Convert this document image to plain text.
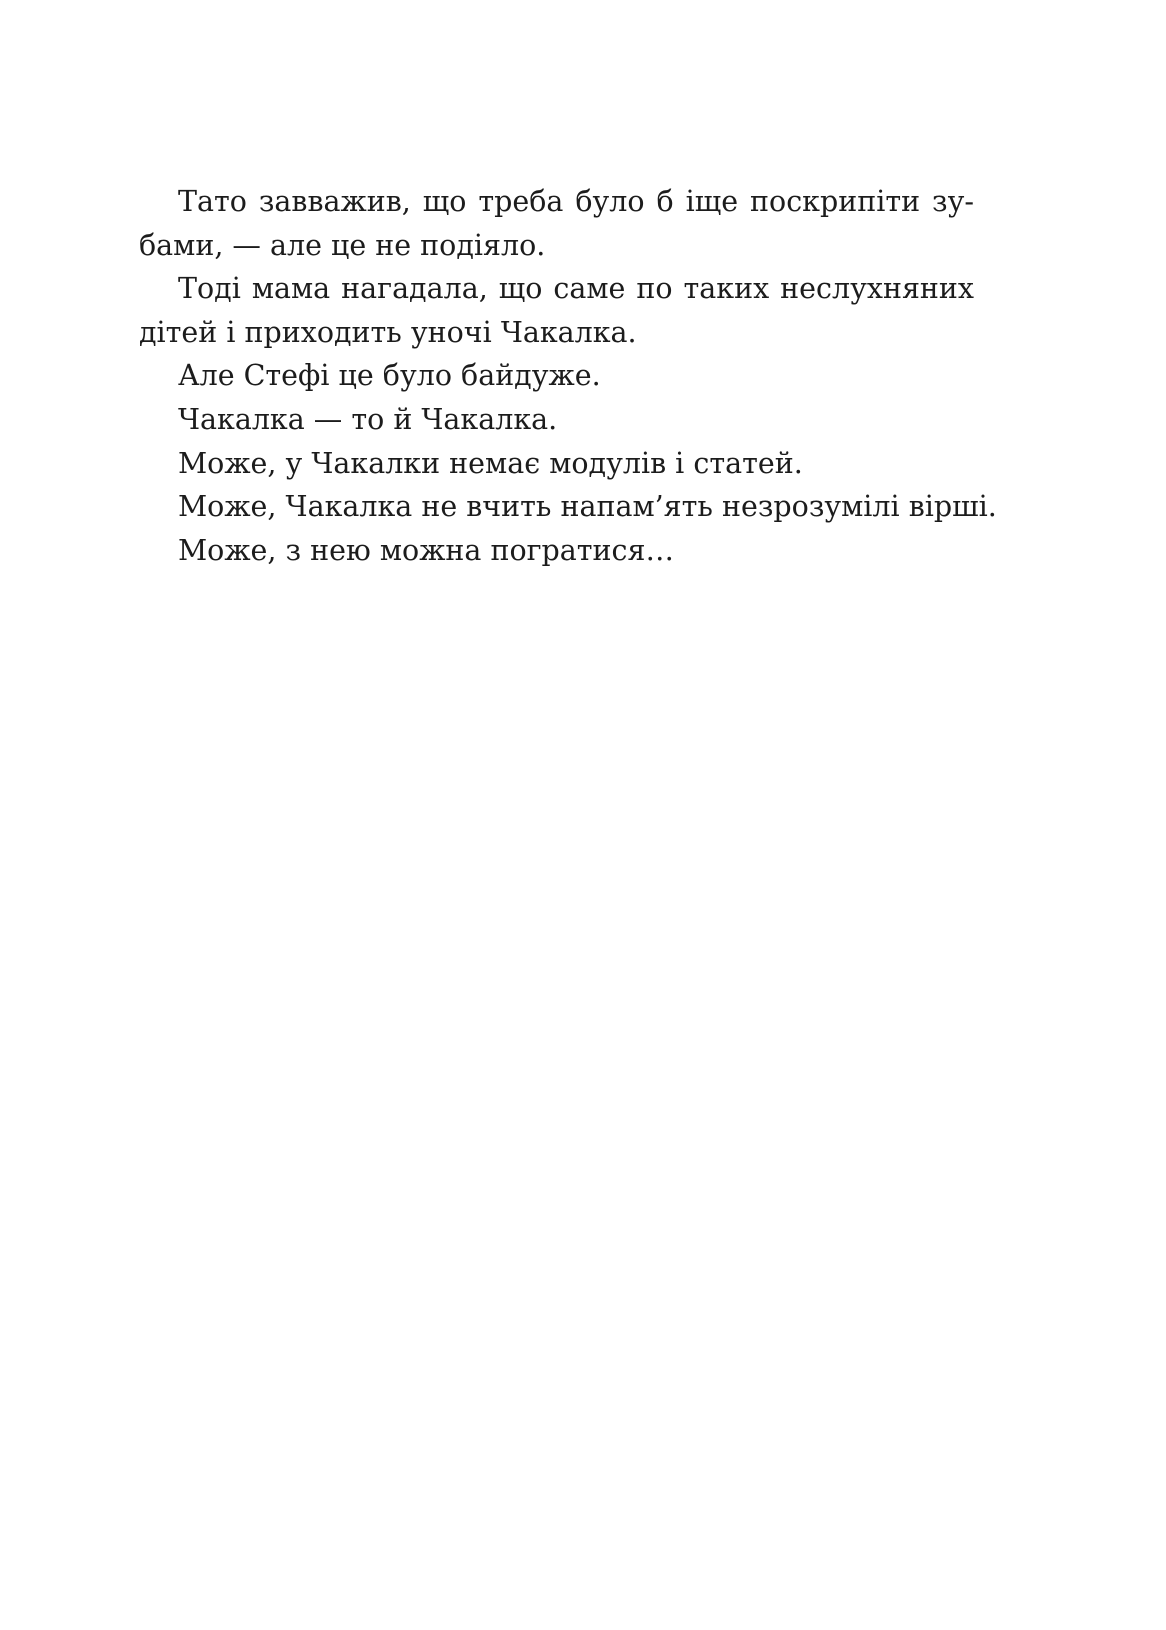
Тато завважив, що треба було б іще поскрипіти зу-
бами, — але це не подіяло.
Тоді мама нагадала, що саме по таких неслухняних
дітей і приходить уночі Чакалка.
Але Стефі це було байдуже.
Чакалка — то й Чакалка.
Може, у Чакалки немає модулів і статей.
Може, Чакалка не вчить напам’ять незрозумілі вірші.
Може, з нею можна погратися…
